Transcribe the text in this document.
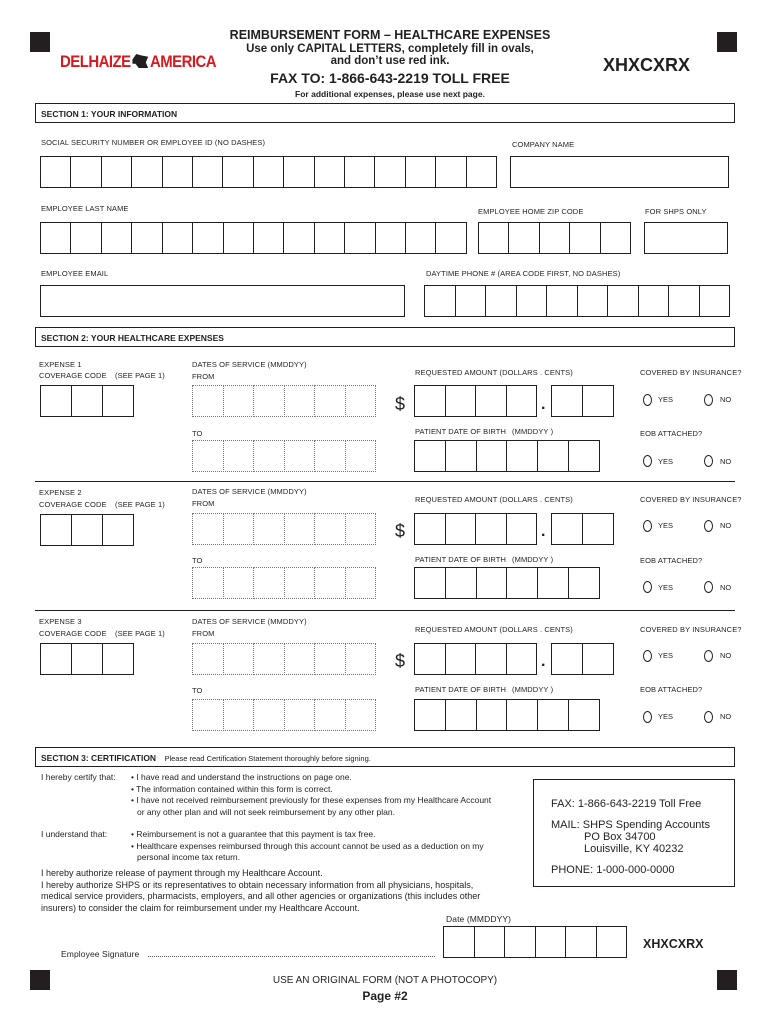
DELHAIZE AMERICA
REIMBURSEMENT FORM – HEALTHCARE EXPENSES
Use only CAPITAL LETTERS, completely fill in ovals,
and don’t use red ink.
FAX TO: 1-866-643-2219 TOLL FREE
For additional expenses, please use next page.
XHXCXRX
SECTION 1: YOUR INFORMATION
SOCIAL SECURITY NUMBER OR EMPLOYEE ID (NO DASHES)	COMPANY NAME
EMPLOYEE LAST NAME	EMPLOYEE HOME ZIP CODE	FOR SHPS ONLY
EMPLOYEE EMAIL	DAYTIME PHONE # (AREA CODE FIRST, NO DASHES)
SECTION 2: YOUR HEALTHCARE EXPENSES
EXPENSE 1
COVERAGE CODE (SEE PAGE 1)
DATES OF SERVICE (MMDDYY)
FROM	REQUESTED AMOUNT (DOLLARS . CENTS)	COVERED BY INSURANCE?
$	.	YES	NO
TO	PATIENT DATE OF BIRTH (MMDDYY )	EOB ATTACHED?
YES	NO
EXPENSE 2
COVERAGE CODE (SEE PAGE 1)
DATES OF SERVICE (MMDDYY)
FROM	REQUESTED AMOUNT (DOLLARS . CENTS)	COVERED BY INSURANCE?
$	.	YES	NO
TO	PATIENT DATE OF BIRTH (MMDDYY )	EOB ATTACHED?
YES	NO
EXPENSE 3
COVERAGE CODE (SEE PAGE 1)
DATES OF SERVICE (MMDDYY)
FROM	REQUESTED AMOUNT (DOLLARS . CENTS)	COVERED BY INSURANCE?
$	.	YES	NO
TO	PATIENT DATE OF BIRTH (MMDDYY )	EOB ATTACHED?
YES	NO
SECTION 3: CERTIFICATION Please read Certification Statement thoroughly before signing.
I hereby certify that: • I have read and understand the instructions on page one.
• The information contained within this form is correct.
• I have not received reimbursement previously for these expenses from my Healthcare Account
or any other plan and will not seek reimbursement by any other plan.
I understand that:	• Reimbursement is not a guarantee that this payment is tax free.
• Healthcare expenses reimbursed through this account cannot be used as a deduction on my
personal income tax return.
I hereby authorize release of payment through my Healthcare Account.
I hereby authorize SHPS or its representatives to obtain necessary information from all physicians, hospitals,
medical service providers, pharmacists, employers, and all other agencies or organizations (this includes other
insurers) to consider the claim for reimbursement under my Healthcare Account.
FAX: 1-866-643-2219 Toll Free
MAIL: SHPS Spending Accounts
PO Box 34700
Louisville, KY 40232
PHONE: 1-000-000-0000
Date (MMDDYY)
XHXCXRX
Employee Signature
USE AN ORIGINAL FORM (NOT A PHOTOCOPY)
Page #2
